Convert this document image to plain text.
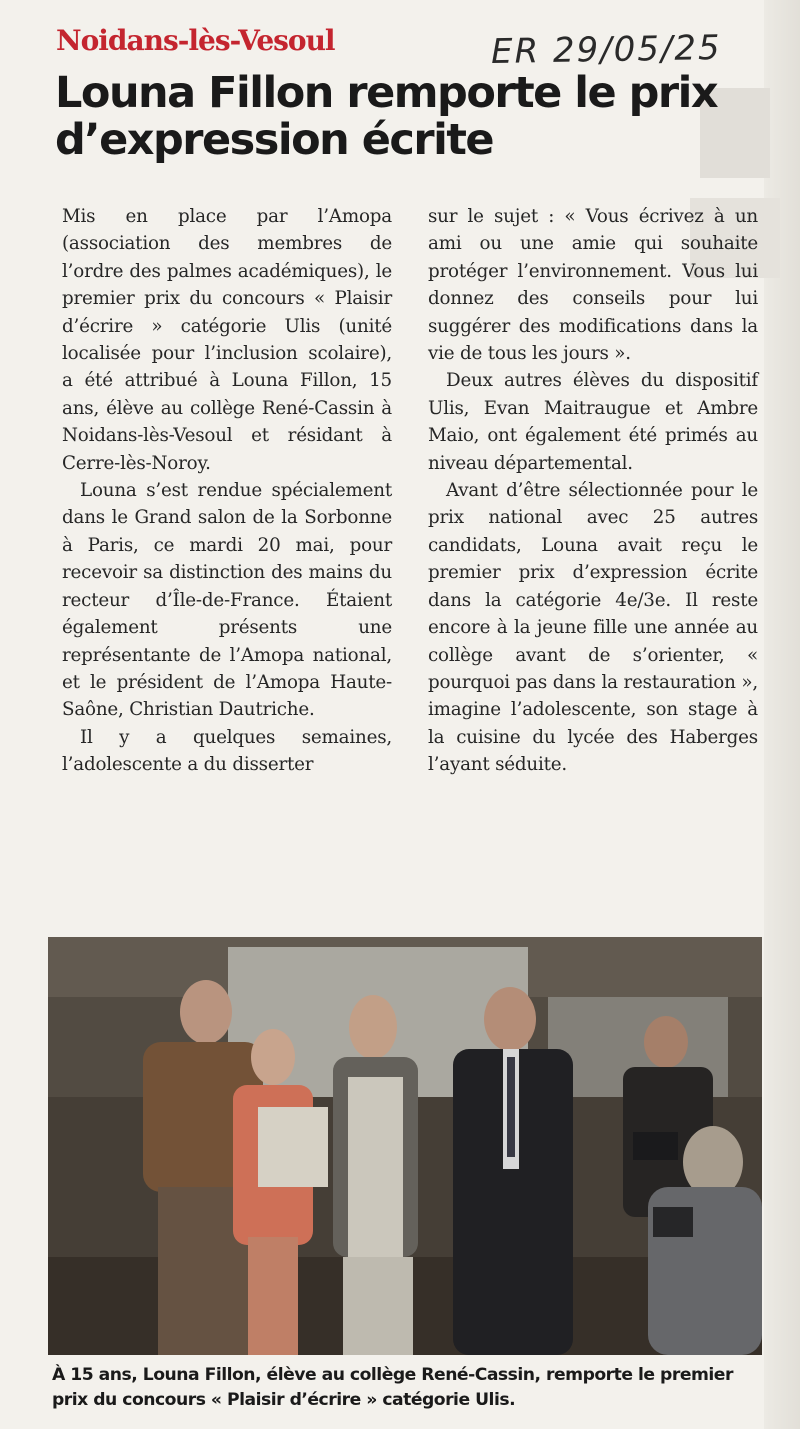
Noidans-lès-Vesoul	ER 29/05/25
Louna Fillon remporte le prix d’expression écrite

Mis en place par l’Amopa (association des membres de l’ordre des palmes académiques), le premier prix du concours « Plaisir d’écrire » catégorie Ulis (unité localisée pour l’inclusion scolaire), a été attribué à Louna Fillon, 15 ans, élève au collège René-Cassin à Noidans-lès-Vesoul et résidant à Cerre-lès-Noroy.

Louna s’est rendue spécialement dans le Grand salon de la Sorbonne à Paris, ce mardi 20 mai, pour recevoir sa distinction des mains du recteur d’Île-de-France. Étaient également présents une représentante de l’Amopa national, et le président de l’Amopa Haute-Saône, Christian Dautriche.

Il y a quelques semaines, l’adolescente a du disserter

sur le sujet : « Vous écrivez à un ami ou une amie qui souhaite protéger l’environnement. Vous lui donnez des conseils pour lui suggérer des modifications dans la vie de tous les jours ».

Deux autres élèves du dispositif Ulis, Evan Maitraugue et Ambre Maio, ont également été primés au niveau départemental.

Avant d’être sélectionnée pour le prix national avec 25 autres candidats, Louna avait reçu le premier prix d’expression écrite dans la catégorie 4e/3e. Il reste encore à la jeune fille une année au collège avant de s’orienter, « pourquoi pas dans la restauration », imagine l’adolescente, son stage à la cuisine du lycée des Haberges l’ayant séduite.

À 15 ans, Louna Fillon, élève au collège René-Cassin, remporte le premier prix du concours « Plaisir d’écrire » catégorie Ulis.
